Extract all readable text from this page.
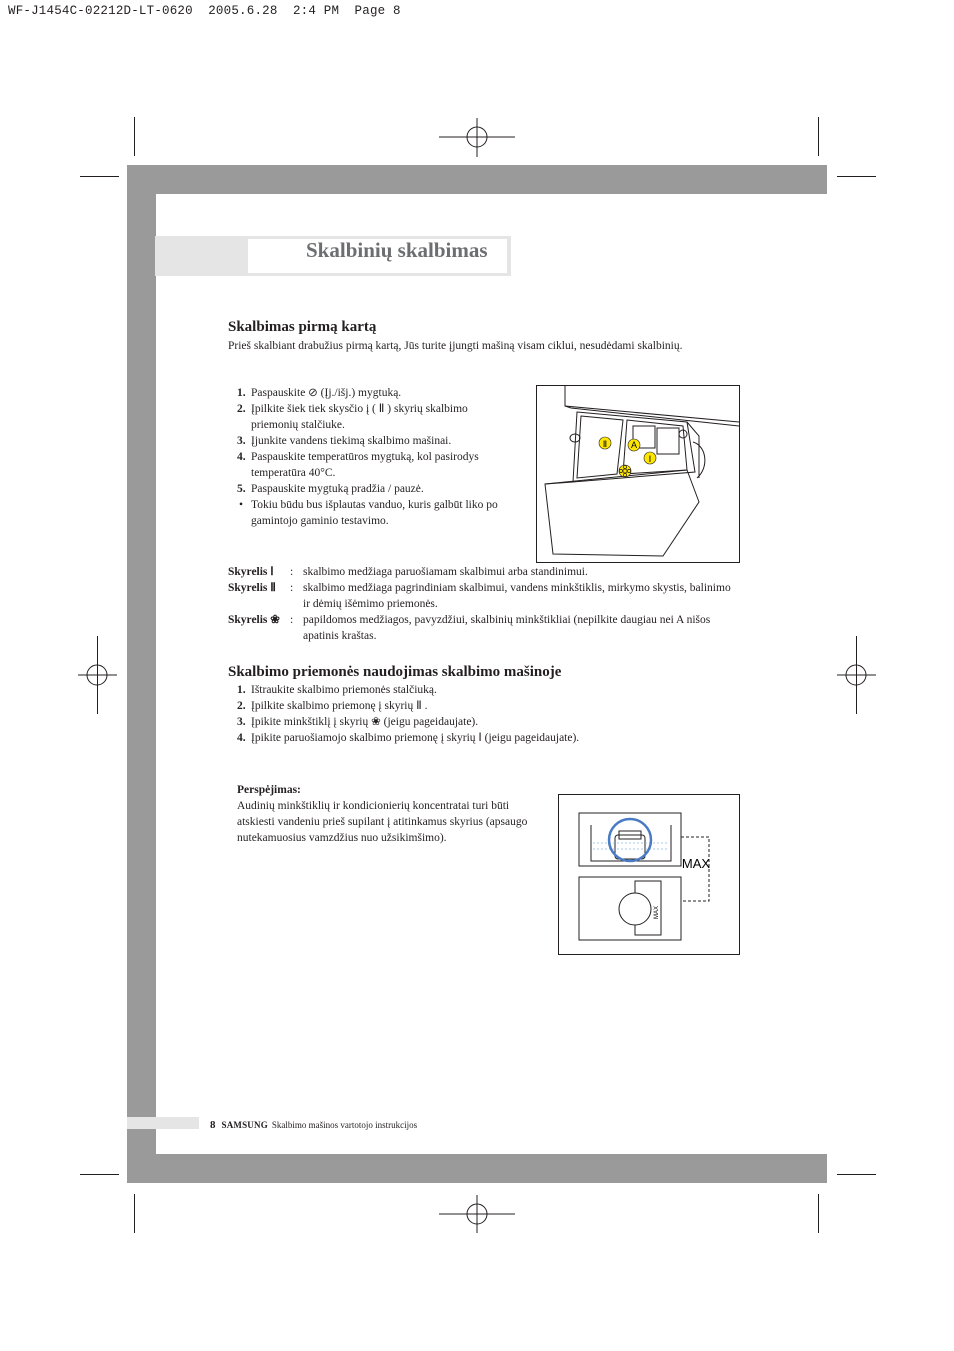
WF-J1454C-02212D-LT-0620  2005.6.28  2:4 PM  Page 8
Skalbinių skalbimas
Skalbimas pirmą kartą
Prieš skalbiant drabužius pirmą kartą, Jūs turite įjungti mašiną visam ciklui, nesudėdami skalbinių.
1. Paspauskite ⊘ (Įj./išj.) mygtuką.
2. Įpilkite šiek tiek skysčio į ( Ⅱ ) skyrių skalbimo priemonių stalčiuke.
3. Įjunkite vandens tiekimą skalbimo mašinai.
4. Paspauskite temperatūros mygtuką, kol pasirodys temperatūra 40°C.
5. Paspauskite mygtuką pradžia / pauzė.
• Tokiu būdu bus išplautas vanduo, kuris galbūt liko po gamintojo gaminio testavimo.
Ⅱ	A
Ⅰ
Skyrelis Ⅰ	: skalbimo medžiaga paruošiamam skalbimui arba standinimui.
Skyrelis Ⅱ	: skalbimo medžiaga pagrindiniam skalbimui, vandens minkštiklis, mirkymo skystis, balinimo ir dėmių išėmimo priemonės.
Skyrelis ❀ : papildomos medžiagos, pavyzdžiui, skalbinių minkštikliai (nepilkite daugiau nei A nišos apatinis kraštas.
Skalbimo priemonės naudojimas skalbimo mašinoje
1. Ištraukite skalbimo priemonės stalčiuką.
2. Įpilkite skalbimo priemonę į skyrių Ⅱ .
3. Įpikite minkštiklį į skyrių ❀ (jeigu pageidaujate).
4. Įpikite paruošiamojo skalbimo priemonę į skyrių Ⅰ (jeigu pageidaujate).
Perspėjimas:
Audinių minkštiklių ir kondicionierių koncentratai turi būti atskiesti vandeniu prieš supilant į atitinkamus skyrius (apsaugo nutekamuosius vamzdžius nuo užsikimšimo).
MAX
MAX
8 SAMSUNG Skalbimo mašinos vartotojo instrukcijos
